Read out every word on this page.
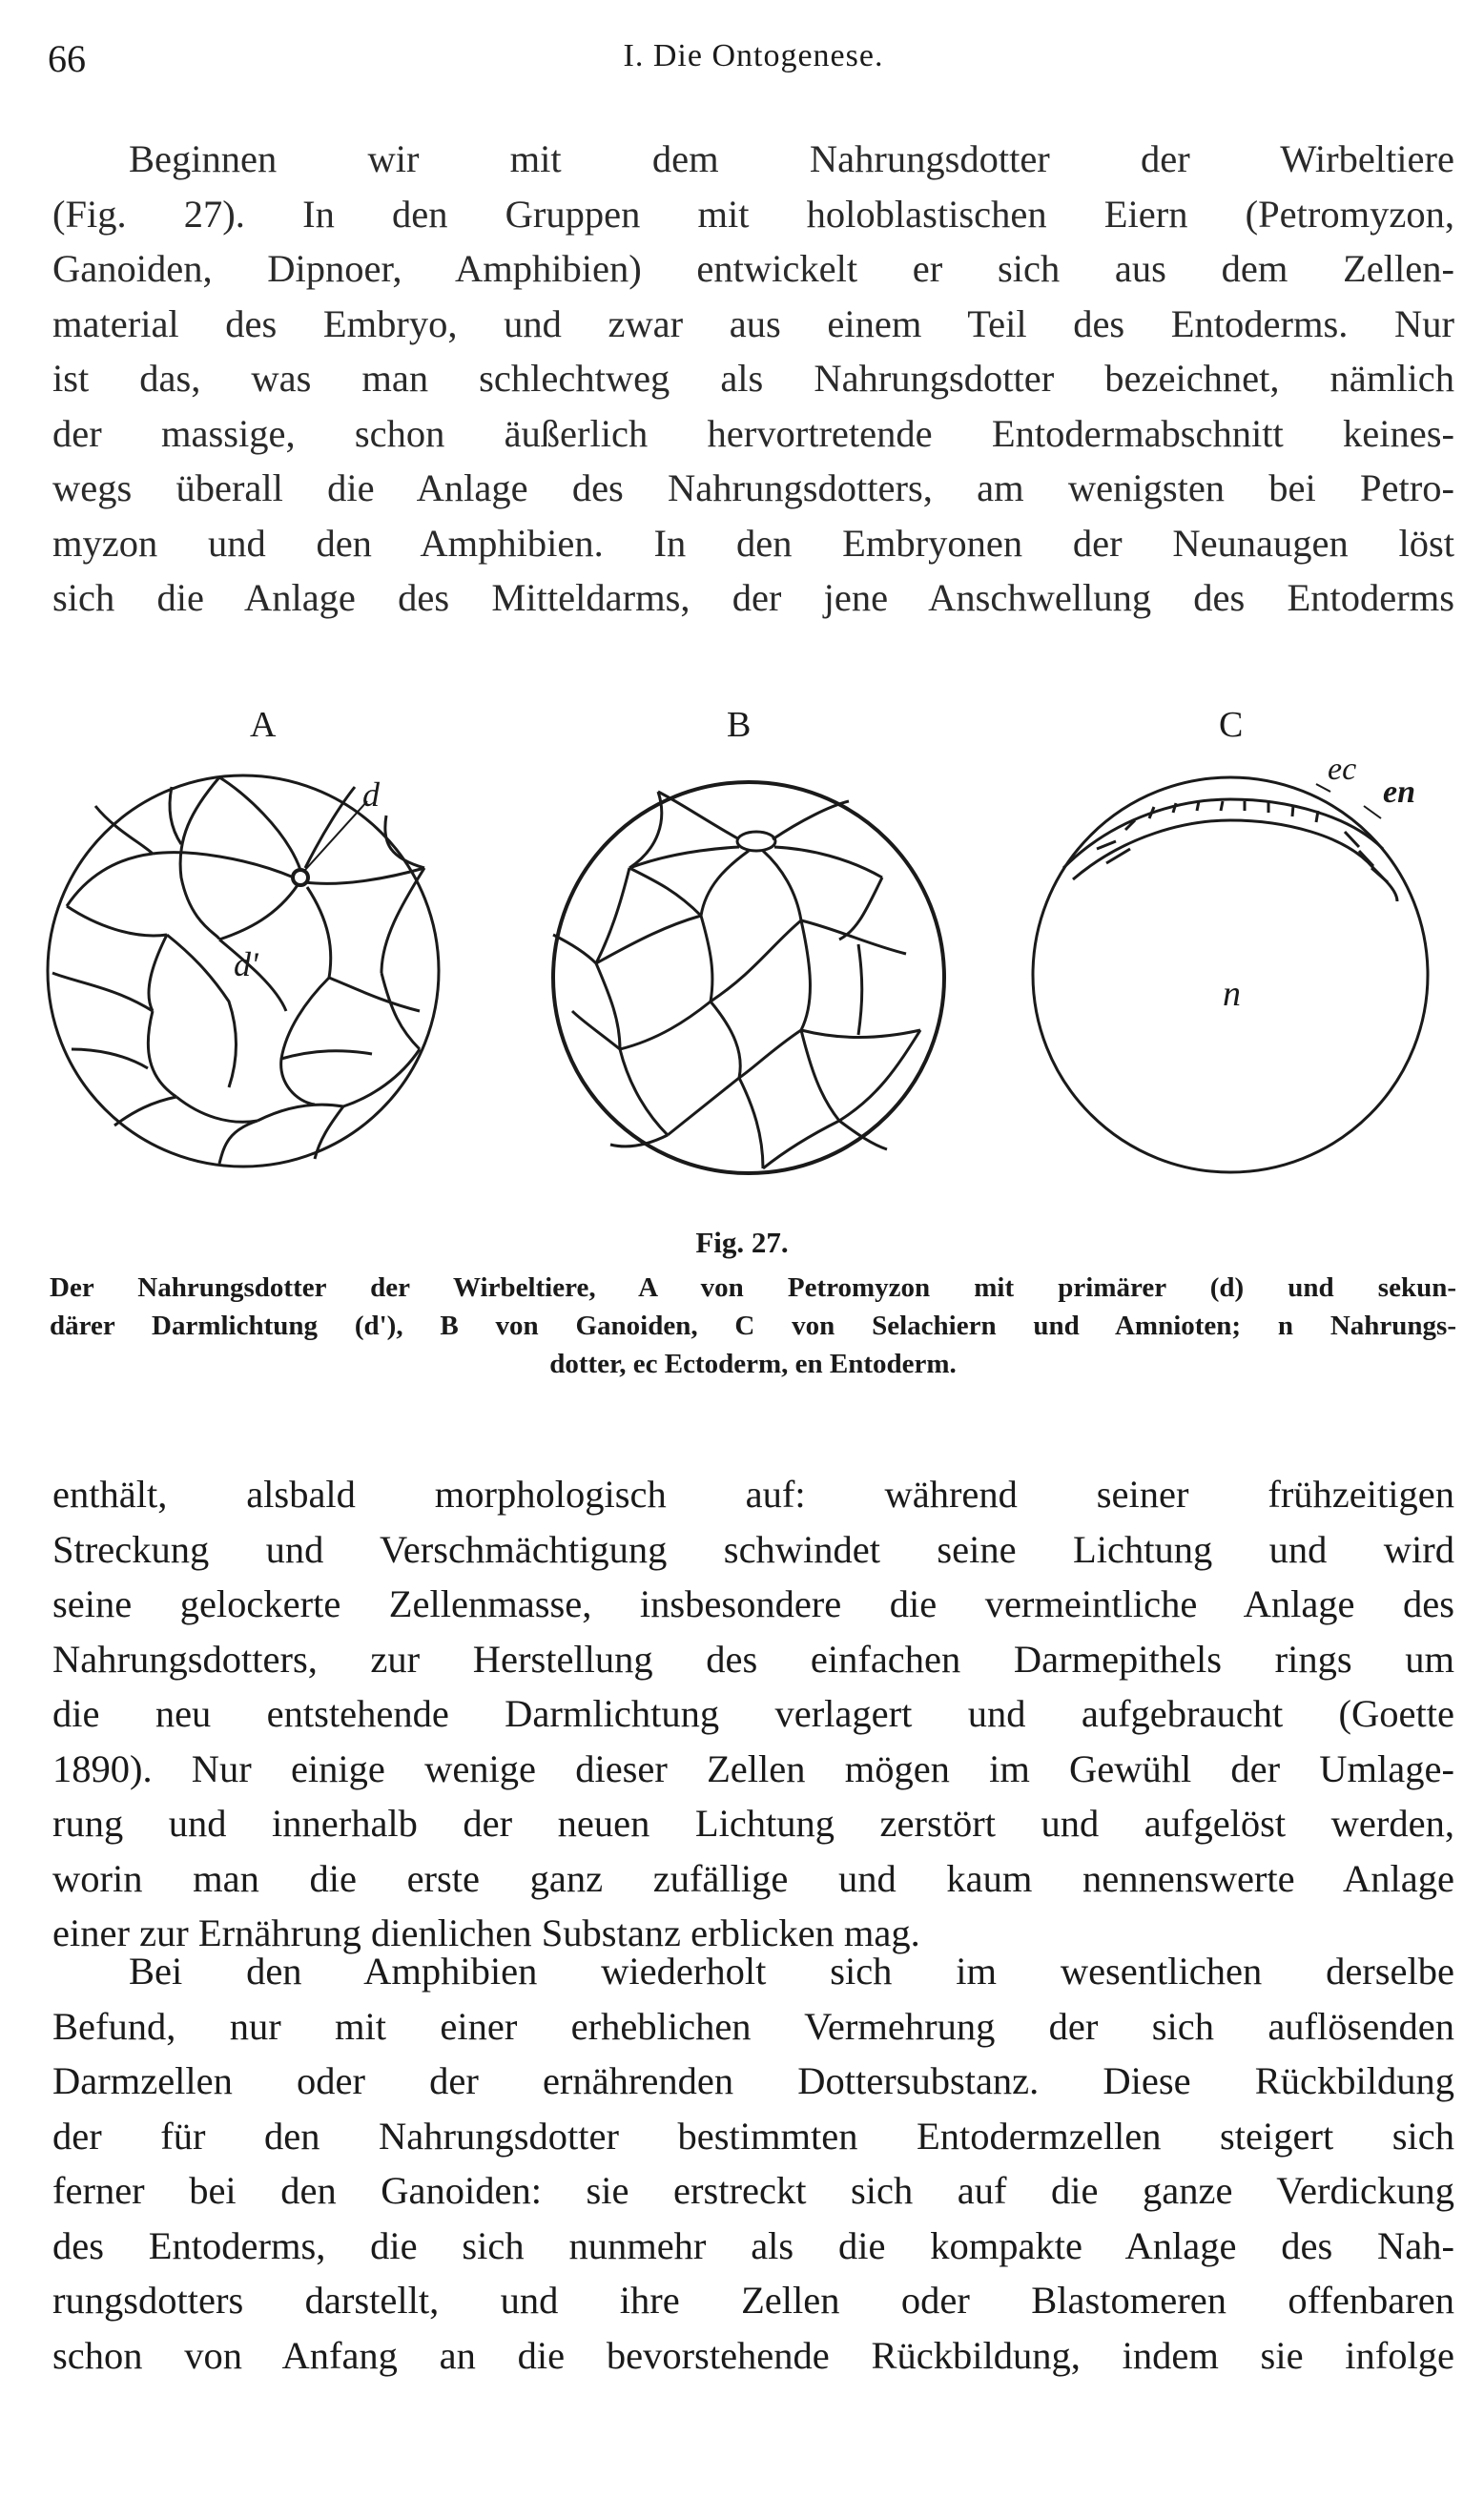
66	I. Die Ontogenese.
Beginnen wir mit dem Nahrungsdotter der Wirbeltiere
(Fig. 27). In den Gruppen mit holoblastischen Eiern (Petromyzon,
Ganoiden, Dipnoer, Amphibien) entwickelt er sich aus dem Zellen-
material des Embryo, und zwar aus einem Teil des Entoderms. Nur
ist das, was man schlechtweg als Nahrungsdotter bezeichnet, nämlich
der massige, schon äußerlich hervortretende Entodermabschnitt keines-
wegs überall die Anlage des Nahrungsdotters, am wenigsten bei Petro-
myzon und den Amphibien. In den Embryonen der Neunaugen löst
sich die Anlage des Mitteldarms, der jene Anschwellung des Entoderms
A	B	C
d
d'
ec
en
n
Fig. 27.
Der Nahrungsdotter der Wirbeltiere, A von Petromyzon mit primärer (d) und sekun-
därer Darmlichtung (d'), B von Ganoiden, C von Selachiern und Amnioten; n Nahrungs-
dotter, ec Ectoderm, en Entoderm.
enthält, alsbald morphologisch auf: während seiner frühzeitigen
Streckung und Verschmächtigung schwindet seine Lichtung und wird
seine gelockerte Zellenmasse, insbesondere die vermeintliche Anlage des
Nahrungsdotters, zur Herstellung des einfachen Darmepithels rings um
die neu entstehende Darmlichtung verlagert und aufgebraucht (Goette
1890). Nur einige wenige dieser Zellen mögen im Gewühl der Umlage-
rung und innerhalb der neuen Lichtung zerstört und aufgelöst werden,
worin man die erste ganz zufällige und kaum nennenswerte Anlage
einer zur Ernährung dienlichen Substanz erblicken mag.
Bei den Amphibien wiederholt sich im wesentlichen derselbe
Befund, nur mit einer erheblichen Vermehrung der sich auflösenden
Darmzellen oder der ernährenden Dottersubstanz. Diese Rückbildung
der für den Nahrungsdotter bestimmten Entodermzellen steigert sich
ferner bei den Ganoiden: sie erstreckt sich auf die ganze Verdickung
des Entoderms, die sich nunmehr als die kompakte Anlage des Nah-
rungsdotters darstellt, und ihre Zellen oder Blastomeren offenbaren
schon von Anfang an die bevorstehende Rückbildung, indem sie infolge
